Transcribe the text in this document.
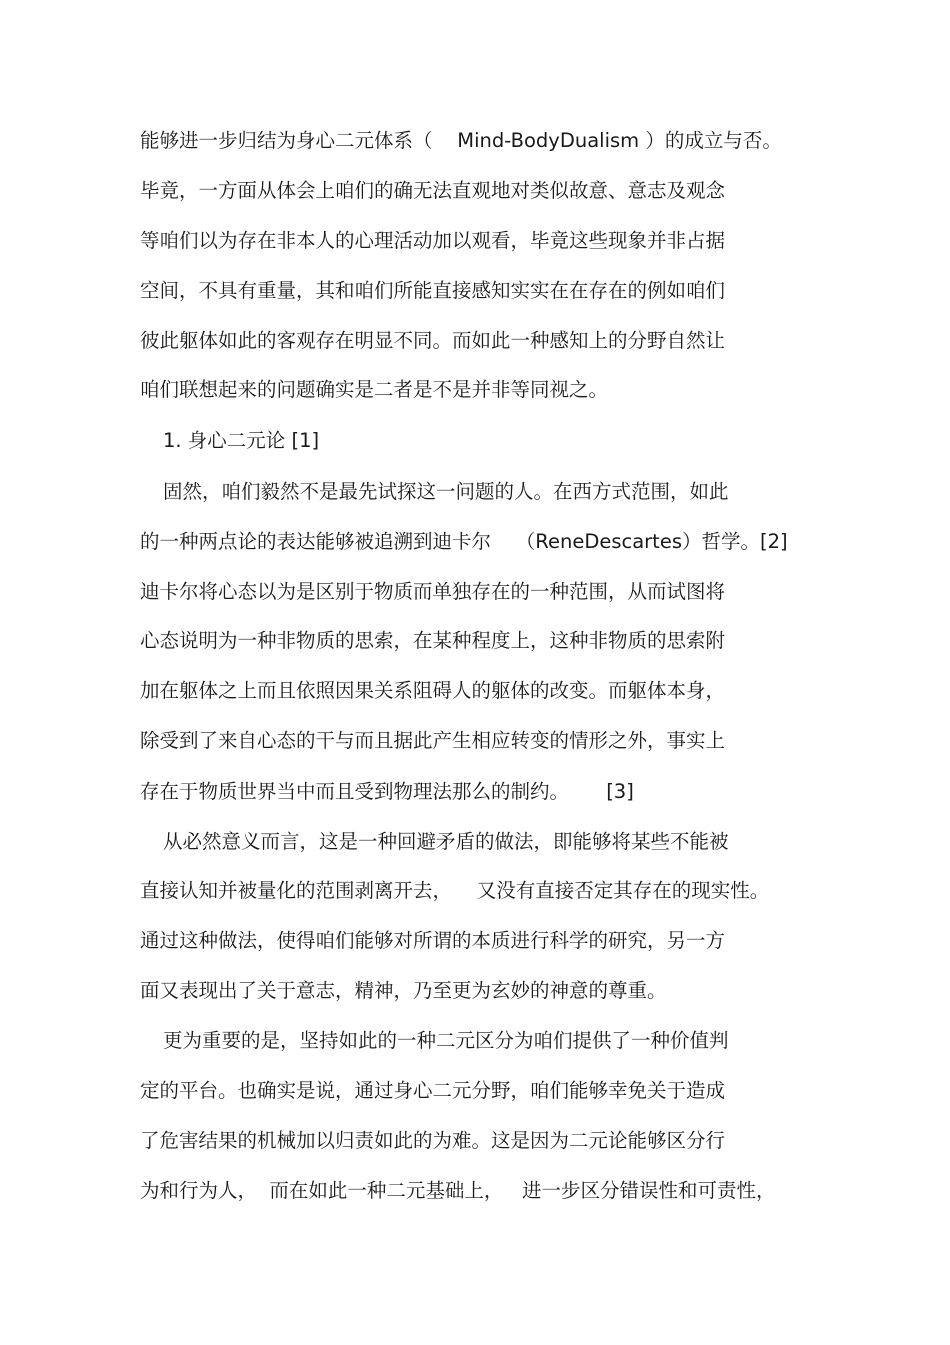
能够进一步归结为身心二元体系（    Mind-BodyDualism ）的成立与否。
毕竟，一方面从体会上咱们的确无法直观地对类似故意、意志及观念
等咱们以为存在非本人的心理活动加以观看，毕竟这些现象并非占据
空间，不具有重量，其和咱们所能直接感知实实在在存在的例如咱们
彼此躯体如此的客观存在明显不同。而如此一种感知上的分野自然让
咱们联想起来的问题确实是二者是不是并非等同视之。
1. 身心二元论 [1]
固然，咱们毅然不是最先试探这一问题的人。在西方式范围，如此
的一种两点论的表达能够被追溯到迪卡尔    （ReneDescartes）哲学。[2]
迪卡尔将心态以为是区别于物质而单独存在的一种范围，从而试图将
心态说明为一种非物质的思索，在某种程度上，这种非物质的思索附
加在躯体之上而且依照因果关系阻碍人的躯体的改变。而躯体本身，
除受到了来自心态的干与而且据此产生相应转变的情形之外，事实上
存在于物质世界当中而且受到物理法那么的制约。      [3]
从必然意义而言，这是一种回避矛盾的做法，即能够将某些不能被
直接认知并被量化的范围剥离开去，    又没有直接否定其存在的现实性。
通过这种做法，使得咱们能够对所谓的本质进行科学的研究，另一方
面又表现出了关于意志，精神，乃至更为玄妙的神意的尊重。
更为重要的是，坚持如此的一种二元区分为咱们提供了一种价值判
定的平台。也确实是说，通过身心二元分野，咱们能够幸免关于造成
了危害结果的机械加以归责如此的为难。这是因为二元论能够区分行
为和行为人，  而在如此一种二元基础上，   进一步区分错误性和可责性，
